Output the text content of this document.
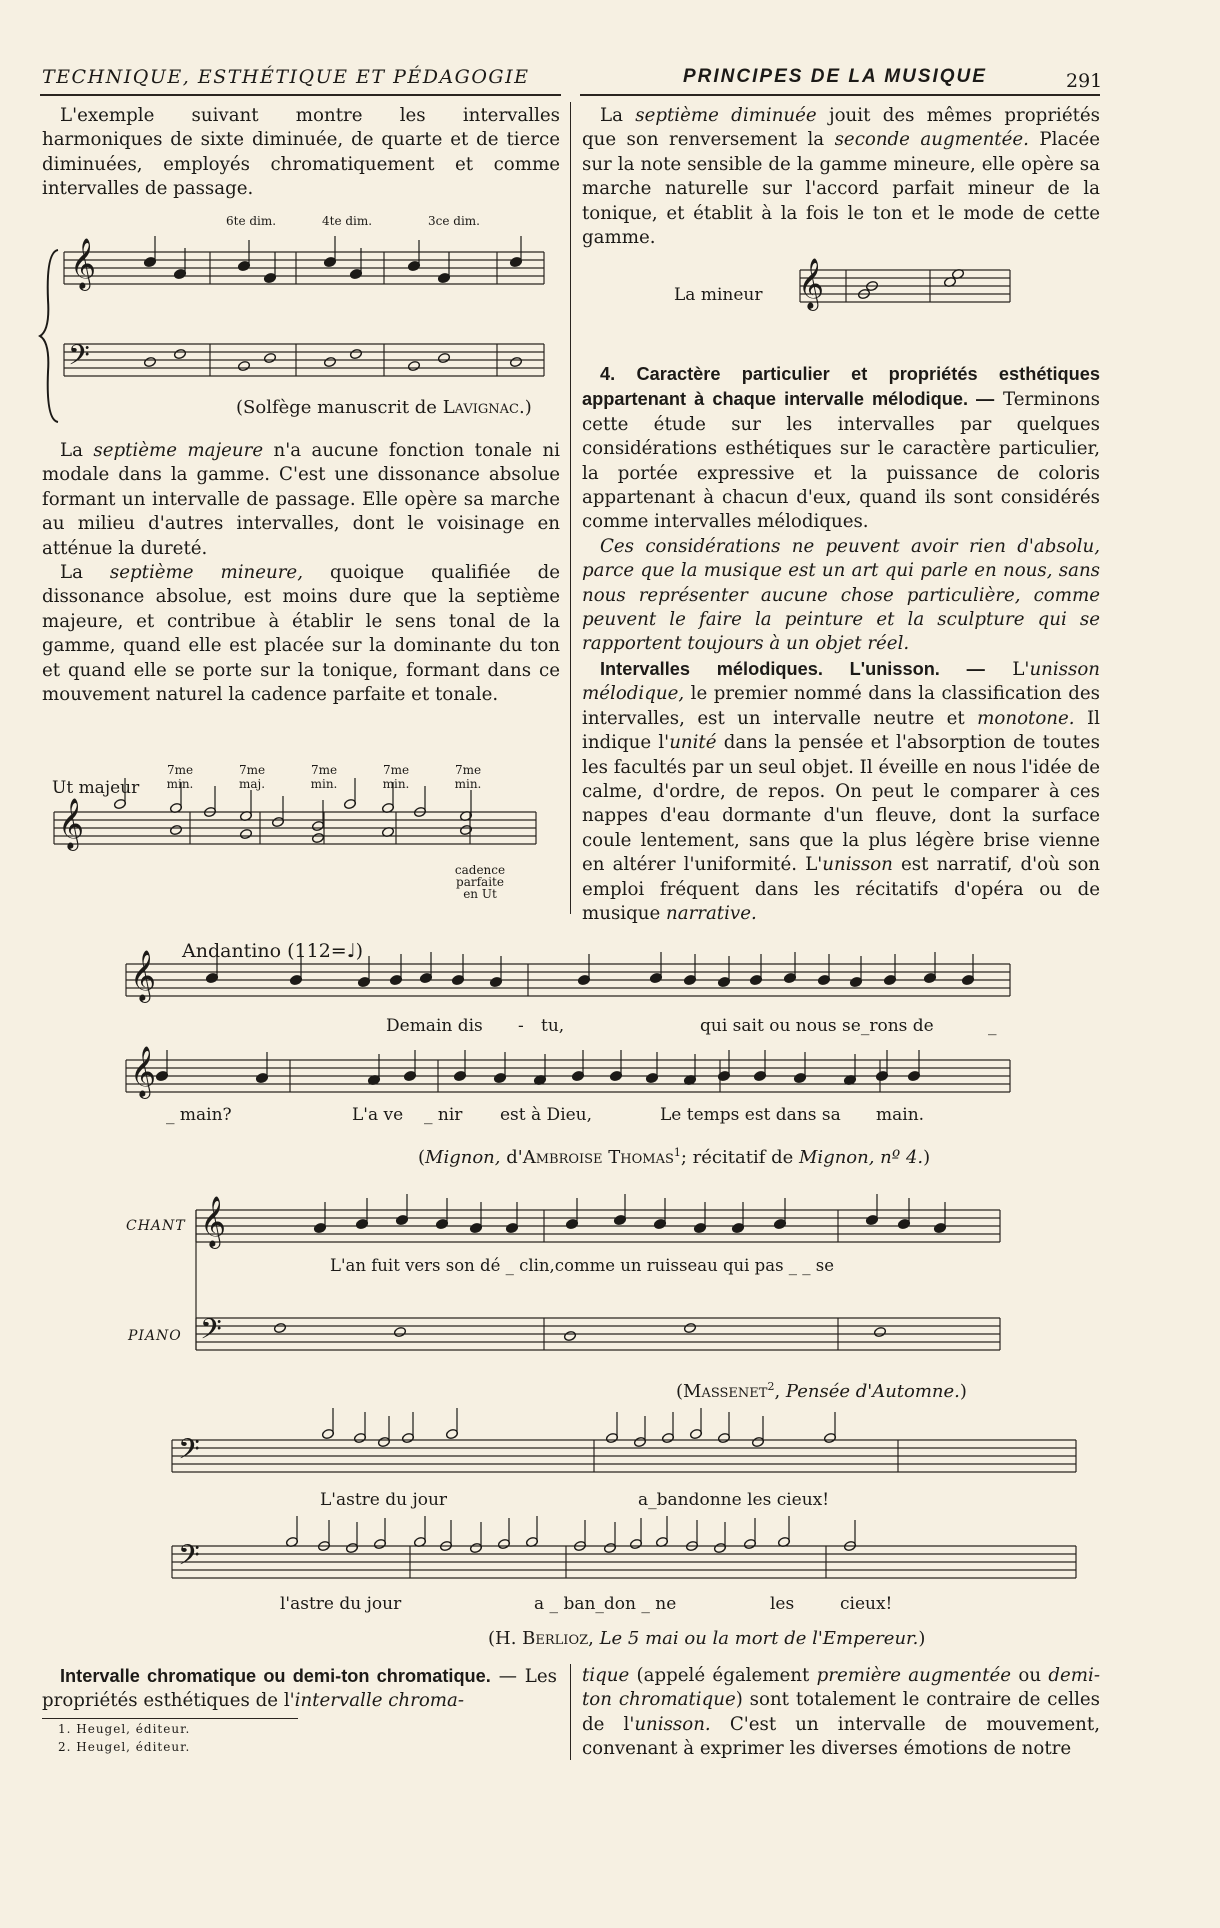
TECHNIQUE, ESTHÉTIQUE ET PÉDAGOGIE	PRINCIPES DE LA MUSIQUE	291

L'exemple suivant montre les intervalles harmoniques de sixte diminuée, de quarte et de tierce diminuées, employés chromatiquement et comme intervalles de passage.

6te dim.	4te dim.	3ce dim.
(Solfège manuscrit de Lavignac.)

La septième majeure n'a aucune fonction tonale ni modale dans la gamme. C'est une dissonance absolue formant un intervalle de passage. Elle opère sa marche au milieu d'autres intervalles, dont le voisinage en atténue la dureté.

La septième mineure, quoique qualifiée de dissonance absolue, est moins dure que la septième majeure, et contribue à établir le sens tonal de la gamme, quand elle est placée sur la dominante du ton et quand elle se porte sur la tonique, formant dans ce mouvement naturel la cadence parfaite et tonale.

7me min.
7me maj.
7me min.
7me min.
7me min.
Ut majeur
cadence parfaite en Ut

La septième diminuée jouit des mêmes propriétés que son renversement la seconde augmentée. Placée sur la note sensible de la gamme mineure, elle opère sa marche naturelle sur l'accord parfait mineur de la tonique, et établit à la fois le ton et le mode de cette gamme.

La mineur

4. Caractère particulier et propriétés esthétiques appartenant à chaque intervalle mélodique. — Terminons cette étude sur les intervalles par quelques considérations esthétiques sur le caractère particulier, la portée expressive et la puissance de coloris appartenant à chacun d'eux, quand ils sont considérés comme intervalles mélodiques.

Ces considérations ne peuvent avoir rien d'absolu, parce que la musique est un art qui parle en nous, sans nous représenter aucune chose particulière, comme peuvent le faire la peinture et la sculpture qui se rapportent toujours à un objet réel.

Intervalles mélodiques. L'unisson. — L'unisson mélodique, le premier nommé dans la classification des intervalles, est un intervalle neutre et monotone. Il indique l'unité dans la pensée et l'absorption de toutes les facultés par un seul objet. Il éveille en nous l'idée de calme, d'ordre, de repos. On peut le comparer à ces nappes d'eau dormante d'un fleuve, dont la surface coule lentement, sans que la plus légère brise vienne en altérer l'uniformité. L'unisson est narratif, d'où son emploi fréquent dans les récitatifs d'opéra ou de musique narrative.

Andantino (112=♩)
Demain dis - tu,	qui sait ou nous se_rons de	_
_ main?	L'a ve _ nir est à Dieu,	Le temps est dans sa main.
(Mignon, d'Ambroise Thomas$^1$; récitatif de Mignon, nº 4.)
CHANT
PIANO
L'an fuit vers son dé _ clin,comme un ruisseau qui pas _ _ se
(Massenet$^2$, Pensée d'Automne.)
L'astre du jour	a_bandonne les cieux!
l'astre du jour	a _ ban_don _ ne	les	cieux!
(H. Berlioz, Le 5 mai ou la mort de l'Empereur.)

Intervalle chromatique ou demi-ton chromatique. — Les propriétés esthétiques de l'intervalle chroma-

tique (appelé également première augmentée ou demi-ton chromatique) sont totalement le contraire de celles de l'unisson. C'est un intervalle de mouvement, convenant à exprimer les diverses émotions de notre

1. Heugel, éditeur.
2. Heugel, éditeur.
𝄞
𝄢
𝄞
𝄞
𝄞
𝄞
𝄞
𝄢
𝄢
𝄢
